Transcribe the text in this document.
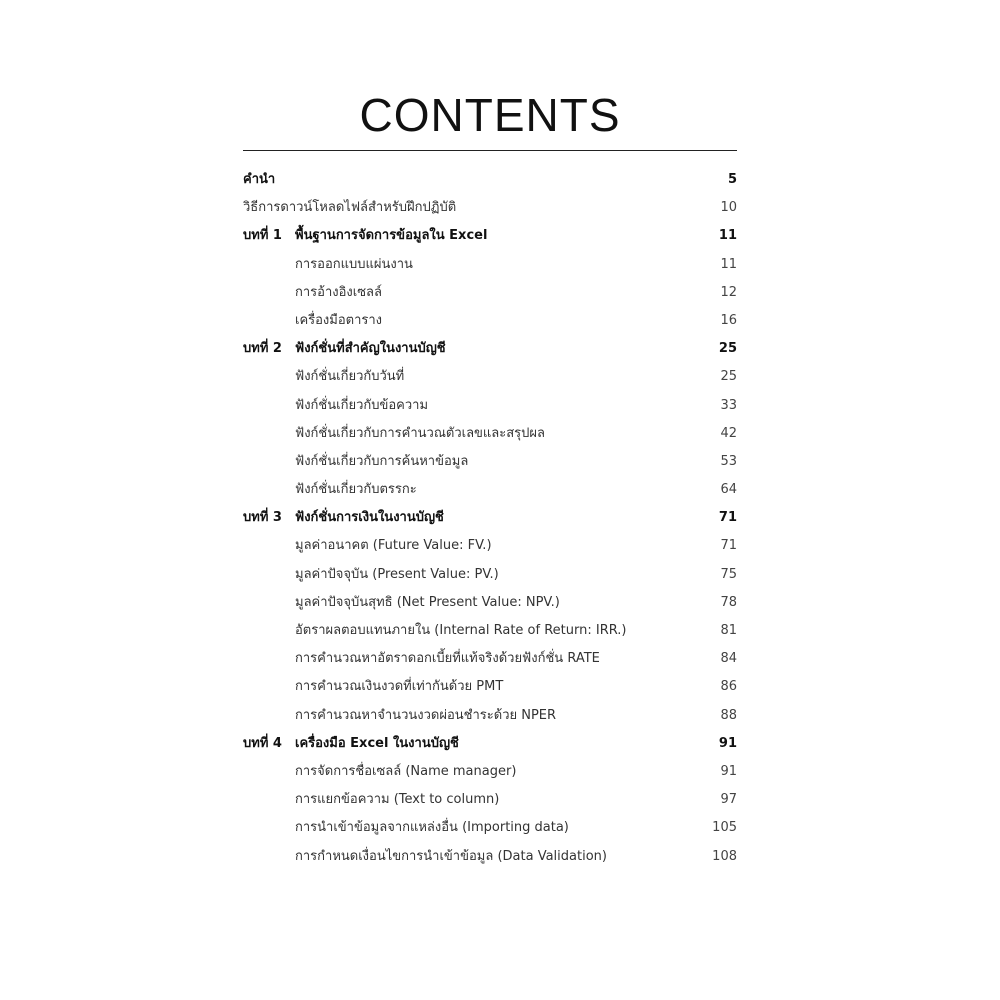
CONTENTS
คำนำ	5
วิธีการดาวน์โหลดไฟล์สำหรับฝึกปฏิบัติ	10
บทที่ 1 พื้นฐานการจัดการข้อมูลใน Excel	11
การออกแบบแผ่นงาน	11
การอ้างอิงเซลล์	12
เครื่องมือตาราง	16
บทที่ 2 ฟังก์ชั่นที่สำคัญในงานบัญชี	25
ฟังก์ชั่นเกี่ยวกับวันที่	25
ฟังก์ชั่นเกี่ยวกับข้อความ	33
ฟังก์ชั่นเกี่ยวกับการคำนวณตัวเลขและสรุปผล	42
ฟังก์ชั่นเกี่ยวกับการค้นหาข้อมูล	53
ฟังก์ชั่นเกี่ยวกับตรรกะ	64
บทที่ 3 ฟังก์ชั่นการเงินในงานบัญชี	71
มูลค่าอนาคต (Future Value: FV.)	71
มูลค่าปัจจุบัน (Present Value: PV.)	75
มูลค่าปัจจุบันสุทธิ (Net Present Value: NPV.)	78
อัตราผลตอบแทนภายใน (Internal Rate of Return: IRR.)	81
การคำนวณหาอัตราดอกเบี้ยที่แท้จริงด้วยฟังก์ชั่น RATE	84
การคำนวณเงินงวดที่เท่ากันด้วย PMT	86
การคำนวณหาจำนวนงวดผ่อนชำระด้วย NPER	88
บทที่ 4 เครื่องมือ Excel ในงานบัญชี	91
การจัดการชื่อเซลล์ (Name manager)	91
การแยกข้อความ (Text to column)	97
การนำเข้าข้อมูลจากแหล่งอื่น (Importing data)	105
การกำหนดเงื่อนไขการนำเข้าข้อมูล (Data Validation)	108
